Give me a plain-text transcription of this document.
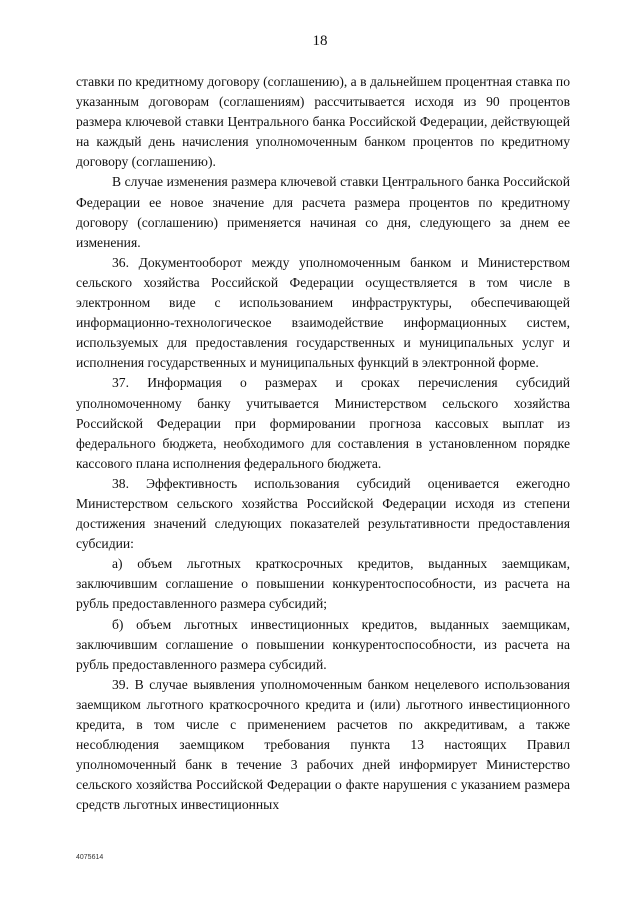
18

ставки по кредитному договору (соглашению), а в дальнейшем процентная ставка по указанным договорам (соглашениям) рассчитывается исходя из 90 процентов размера ключевой ставки Центрального банка Российской Федерации, действующей на каждый день начисления уполномоченным банком процентов по кредитному договору (соглашению).

В случае изменения размера ключевой ставки Центрального банка Российской Федерации ее новое значение для расчета размера процентов по кредитному договору (соглашению) применяется начиная со дня, следующего за днем ее изменения.

36. Документооборот между уполномоченным банком и Министерством сельского хозяйства Российской Федерации осуществляется в том числе в электронном виде с использованием инфраструктуры, обеспечивающей информационно-технологическое взаимодействие информационных систем, используемых для предоставления государственных и муниципальных услуг и исполнения государственных и муниципальных функций в электронной форме.

37. Информация о размерах и сроках перечисления субсидий уполномоченному банку учитывается Министерством сельского хозяйства Российской Федерации при формировании прогноза кассовых выплат из федерального бюджета, необходимого для составления в установленном порядке кассового плана исполнения федерального бюджета.

38. Эффективность использования субсидий оценивается ежегодно Министерством сельского хозяйства Российской Федерации исходя из степени достижения значений следующих показателей результативности предоставления субсидии:

а) объем льготных краткосрочных кредитов, выданных заемщикам, заключившим соглашение о повышении конкурентоспособности, из расчета на рубль предоставленного размера субсидий;

б) объем льготных инвестиционных кредитов, выданных заемщикам, заключившим соглашение о повышении конкурентоспособности, из расчета на рубль предоставленного размера субсидий.

39. В случае выявления уполномоченным банком нецелевого использования заемщиком льготного краткосрочного кредита и (или) льготного инвестиционного кредита, в том числе с применением расчетов по аккредитивам, а также несоблюдения заемщиком требования пункта 13 настоящих Правил уполномоченный банк в течение 3 рабочих дней информирует Министерство сельского хозяйства Российской Федерации о факте нарушения с указанием размера средств льготных инвестиционных

4075614
